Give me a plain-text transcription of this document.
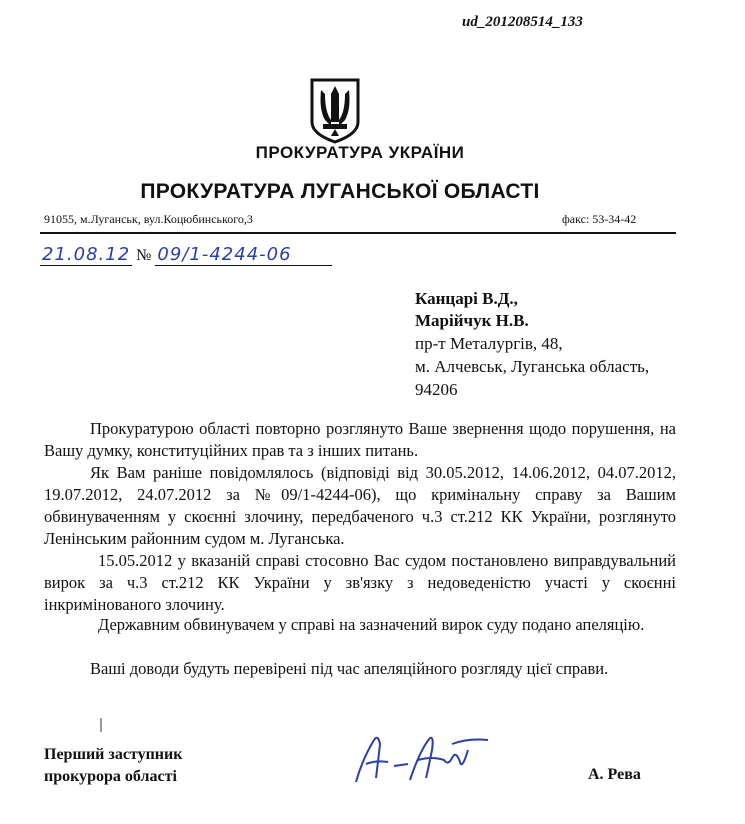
ud_201208514_133
ПРОКУРАТУРА УКРАЇНИ
ПРОКУРАТУРА ЛУГАНСЬКОЇ ОБЛАСТІ
91055, м.Луганськ, вул.Коцюбинського,3	факс: 53-34-42
21.08.12 № 09/1-4244-06
Канцарі В.Д.,
Марійчук Н.В.
пр-т Металургів, 48,
м. Алчевськ, Луганська область,
94206
Прокуратурою області повторно розглянуто Ваше звернення щодо порушення, на Вашу думку, конституційних прав та з інших питань.
Як Вам раніше повідомлялось (відповіді від 30.05.2012, 14.06.2012, 04.07.2012, 19.07.2012, 24.07.2012 за №09/1-4244-06), що кримінальну справу за Вашим обвинуваченням у скоєнні злочину, передбаченого ч.3 ст.212 КК України, розглянуто Ленінським районним судом м. Луганська.
15.05.2012 у вказаній справі стосовно Вас судом постановлено виправдувальний вирок за ч.3 ст.212 КК України у зв'язку з недоведеністю участі у скоєнні інкримінованого злочину.
Державним обвинувачем у справі на зазначений вирок суду подано апеляцію.
Ваші доводи будуть перевірені під час апеляційного розгляду цієї справи.
Перший заступник
прокурора області	А. Рева
